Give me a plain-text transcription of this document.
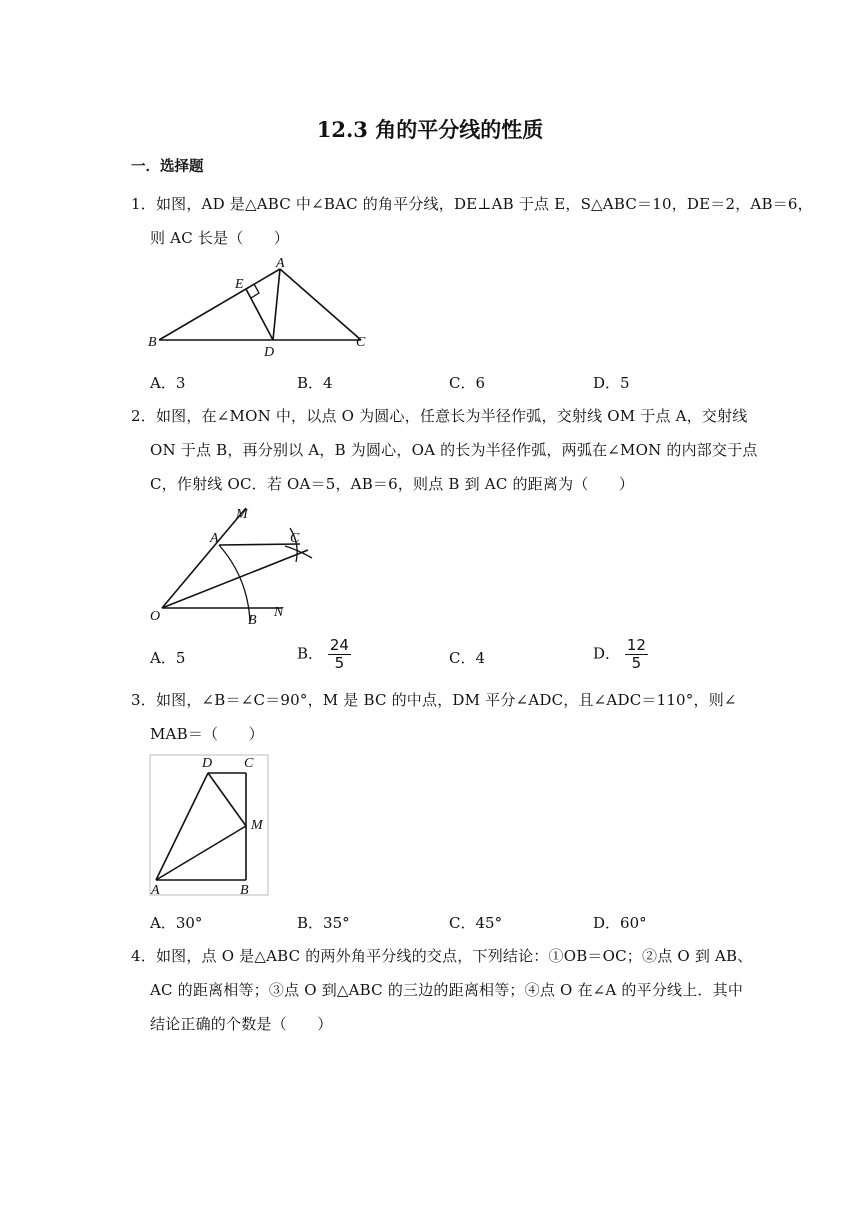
12.3 角的平分线的性质
一．选择题
1．如图，AD 是△ABC 中∠BAC 的角平分线，DE⊥AB 于点 E，S△ABC＝10，DE＝2，AB＝6，
则 AC 长是（　　）
A
B	C
D
E
A．3	B．4	C．6	D．5
2．如图，在∠MON 中，以点 O 为圆心，任意长为半径作弧，交射线 OM 于点 A，交射线
ON 于点 B，再分别以 A，B 为圆心，OA 的长为半径作弧，两弧在∠MON 的内部交于点
C，作射线 OC．若 OA＝5，AB＝6，则点 B 到 AC 的距离为（　　）
M
A	C
O	B
N
A．5	B． $\frac{24}{5}$	C．4	D． $\frac{12}{5}$
3．如图，∠B＝∠C＝90°，M 是 BC 的中点，DM 平分∠ADC，且∠ADC＝110°，则∠
MAB＝（　　）
D C
M
A	B
A．30°	B．35°	C．45°	D．60°
4．如图，点 O 是△ABC 的两外角平分线的交点，下列结论：①OB＝OC；②点 O 到 AB、
AC 的距离相等；③点 O 到△ABC 的三边的距离相等；④点 O 在∠A 的平分线上．其中
结论正确的个数是（　　）
